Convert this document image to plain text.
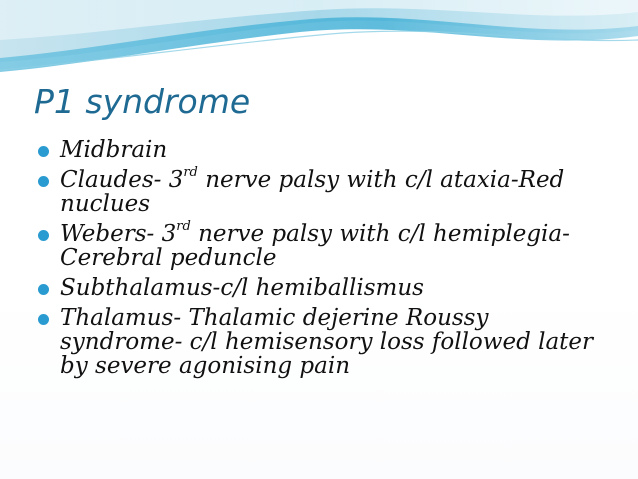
P1 syndrome
Midbrain
Claudes- 3rd nerve palsy with c/l ataxia-Red nuclues
Webers- 3rd nerve palsy with c/l hemiplegia-Cerebral peduncle
Subthalamus-c/l hemiballismus
Thalamus- Thalamic dejerine Roussy syndrome- c/l hemisensory loss followed later by severe agonising pain
